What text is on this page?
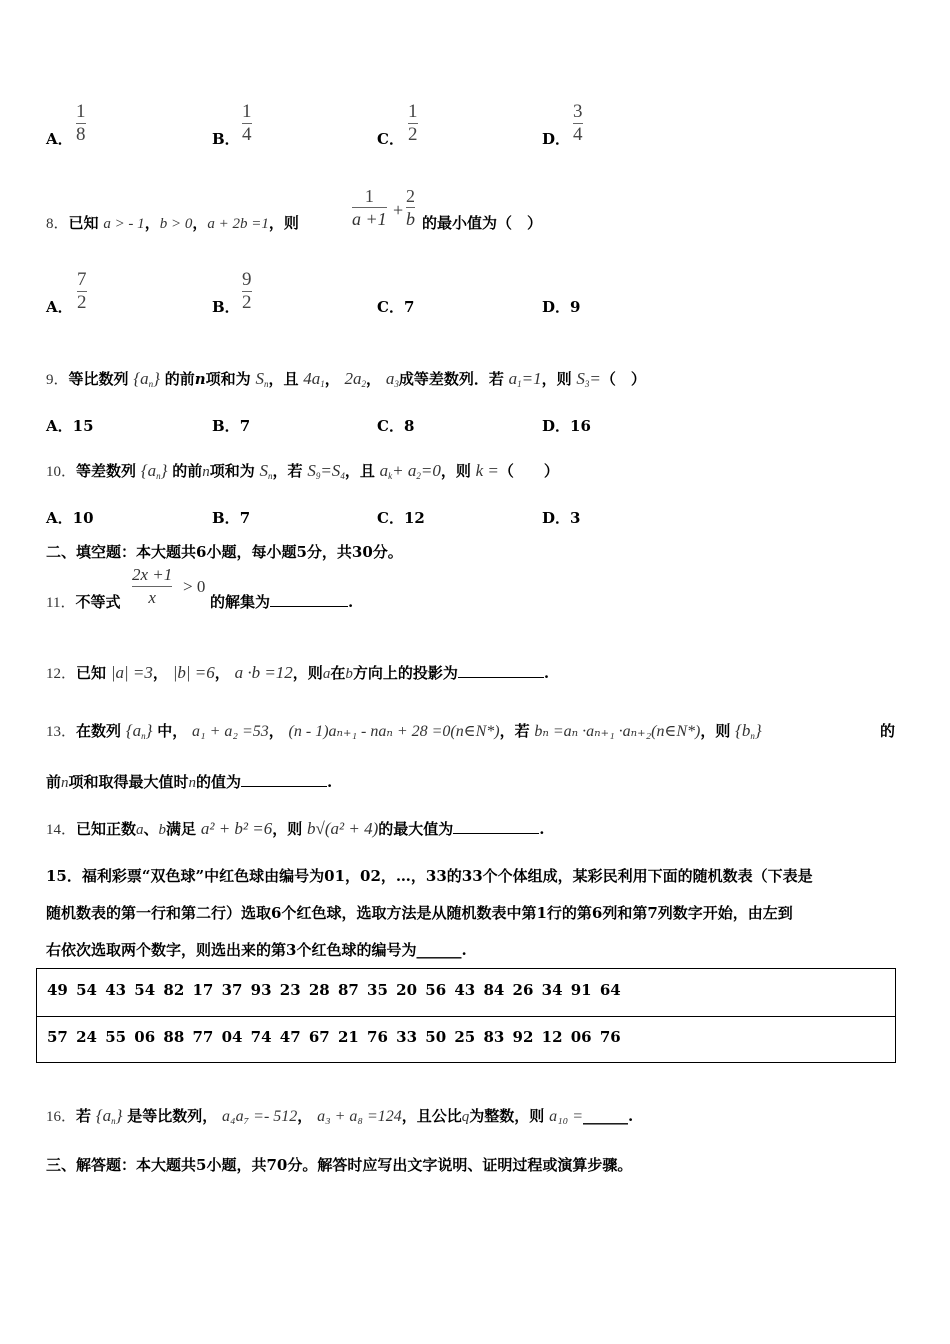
A．
1
8	B．
1
4	C．
1
2	D．
3
4
8．已知 a > - 1，b > 0，a + 2b =1，则
1
a +1 +
2
b 的最小值为（　）
A．
7
2	B．
9
2	C．7	D．9
9．等比数列 $\{a_n\}$ 的前n项和为 $S_n$，且 $4a_1$， $2a_2$， $a_3$成等差数列．若 $a_1=1$，则 $S_3=$（　）
A．15	B．7	C．8	D．16
10．等差数列 $\{a_n\}$ 的前n项和为 $S_n$，若 $S_9=S_4$，且 $a_k+ a_2=0$，则 k =（　　）
A．10	B．7	C．12	D．3
二、填空题：本大题共6小题，每小题5分，共30分。
11．不等式
2x +1
x
> 0
的解集为	.
12．已知 |a| =3， |b| =6， a ·b =12，则a在b方向上的投影为	.
13．在数列 $\{a_n\}$ 中， a₁ + a₂ =53， (n - 1)aₙ₊₁ - naₙ + 28 =0(n∈N*)，若 bₙ =aₙ ·aₙ₊₁ ·aₙ₊₂(n∈N*)，则 $\{b_n\}$	的
前n项和取得最大值时n的值为	.
14．已知正数a、b满足 a² + b² =6，则 b√(a² + 4)的最大值为	.
15．福利彩票“双色球”中红色球由编号为01，02，…，33的33个个体组成，某彩民利用下面的随机数表（下表是
随机数表的第一行和第二行）选取6个红色球，选取方法是从随机数表中第1行的第6列和第7列数字开始，由左到
右依次选取两个数字，则选出来的第3个红色球的编号为______.
49 54 43 54 82 17 37 93 23 28 87 35 20 56 43 84 26 34 91 64
57 24 55 06 88 77 04 74 47 67 21 76 33 50 25 83 92 12 06 76
16．若 $\{a_n\}$ 是等比数列， a₄a₇ =- 512， a₃ + a₈ =124，且公比q为整数，则 a₁₀ =______.
三、解答题：本大题共5小题，共70分。解答时应写出文字说明、证明过程或演算步骤。
